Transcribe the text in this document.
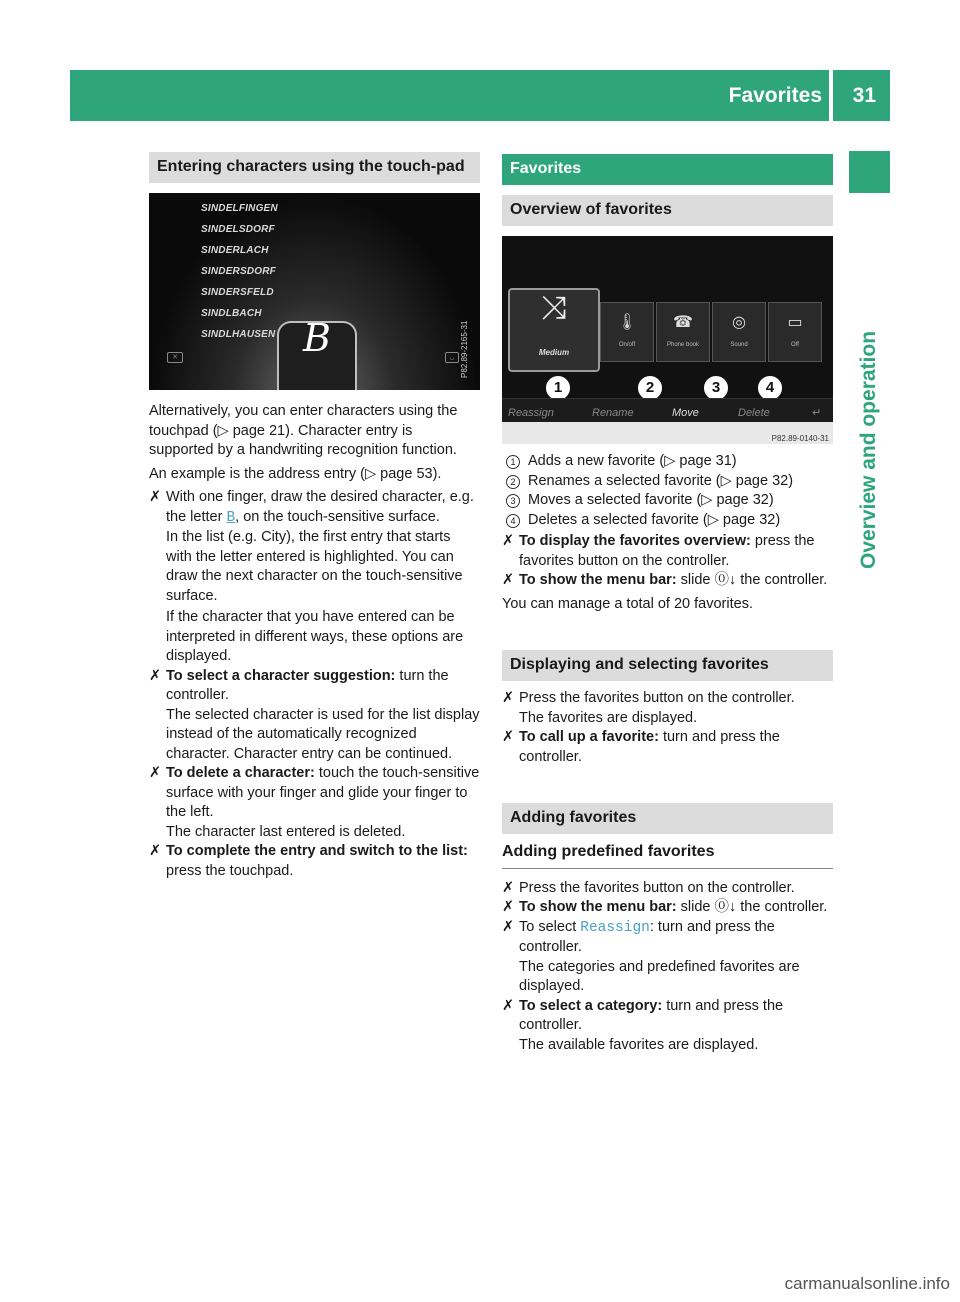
Favorites 31
Overview and operation
Entering characters using the touch-pad
SINDELFINGEN
SINDELSDORF
SINDERLACH
SINDERSDORF
SINDERSFELD
SINDLBACH
SINDLHAUSEN B
✕	␣ P82.89-2165-31

Alternatively, you can enter characters using the touchpad (▷ page 21). Character entry is supported by a handwriting recognition function.

An example is the address entry (▷ page 53).

✗ With one finger, draw the desired character, e.g. the letter B, on the touch-sensitive surface.

In the list (e.g. City), the first entry that starts with the letter entered is highlighted. You can draw the next character on the touch-sensitive surface.

If the character that you have entered can be interpreted in different ways, these options are displayed.

✗ To select a character suggestion: turn the controller.

The selected character is used for the list display instead of the automatically recognized character. Character entry can be continued.

✗ To delete a character: touch the touch-sensitive surface with your finger and glide your finger to the left.

The character last entered is deleted.

✗ To complete the entry and switch to the list: press the touchpad.

Favorites
Overview of favorites
⤨
Medium
🌡
On/off
☎
Phone book
◎
Sound
▭
Off
1	2	3	4
Reassign	Rename	Move	Delete	↵
P82.89-0140-31
1 Adds a new favorite (▷ page 31)

2 Renames a selected favorite (▷ page 32)

3 Moves a selected favorite (▷ page 32)

4 Deletes a selected favorite (▷ page 32)

✗ To display the favorites overview: press the favorites button on the controller.

✗ To show the menu bar: slide ⓪↓ the controller.

You can manage a total of 20 favorites.

Displaying and selecting favorites
✗ Press the favorites button on the controller.

The favorites are displayed.

✗ To call up a favorite: turn and press the controller.

Adding favorites
Adding predefined favorites
✗ Press the favorites button on the controller.

✗ To show the menu bar: slide ⓪↓ the controller.

✗ To select Reassign: turn and press the controller.

The categories and predefined favorites are displayed.

✗ To select a category: turn and press the controller.

The available favorites are displayed.

carmanualsonline.info
